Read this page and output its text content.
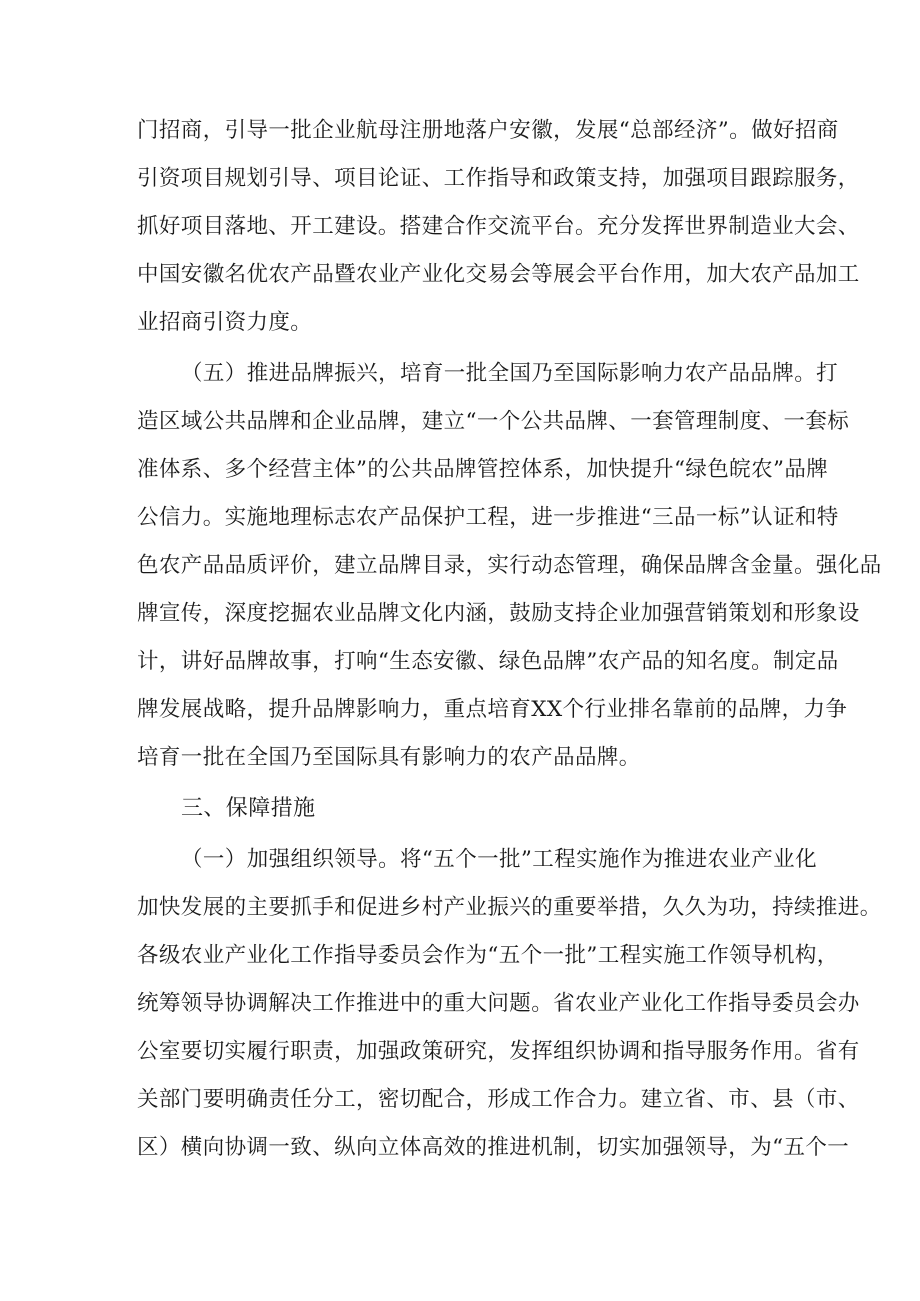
门招商，引导一批企业航母注册地落户安徽，发展“总部经济”。做好招商
引资项目规划引导、项目论证、工作指导和政策支持，加强项目跟踪服务，
抓好项目落地、开工建设。搭建合作交流平台。充分发挥世界制造业大会、
中国安徽名优农产品暨农业产业化交易会等展会平台作用，加大农产品加工
业招商引资力度。
（五）推进品牌振兴，培育一批全国乃至国际影响力农产品品牌。打
造区域公共品牌和企业品牌，建立“一个公共品牌、一套管理制度、一套标
准体系、多个经营主体”的公共品牌管控体系，加快提升“绿色皖农”品牌
公信力。实施地理标志农产品保护工程，进一步推进“三品一标”认证和特
色农产品品质评价，建立品牌目录，实行动态管理，确保品牌含金量。强化品
牌宣传，深度挖掘农业品牌文化内涵，鼓励支持企业加强营销策划和形象设
计，讲好品牌故事，打响“生态安徽、绿色品牌”农产品的知名度。制定品
牌发展战略，提升品牌影响力，重点培育XX个行业排名靠前的品牌，力争
培育一批在全国乃至国际具有影响力的农产品品牌。
三、保障措施
（一）加强组织领导。将“五个一批”工程实施作为推进农业产业化
加快发展的主要抓手和促进乡村产业振兴的重要举措，久久为功，持续推进。
各级农业产业化工作指导委员会作为“五个一批”工程实施工作领导机构，
统筹领导协调解决工作推进中的重大问题。省农业产业化工作指导委员会办
公室要切实履行职责，加强政策研究，发挥组织协调和指导服务作用。省有
关部门要明确责任分工，密切配合，形成工作合力。建立省、市、县（市、
区）横向协调一致、纵向立体高效的推进机制，切实加强领导，为“五个一
